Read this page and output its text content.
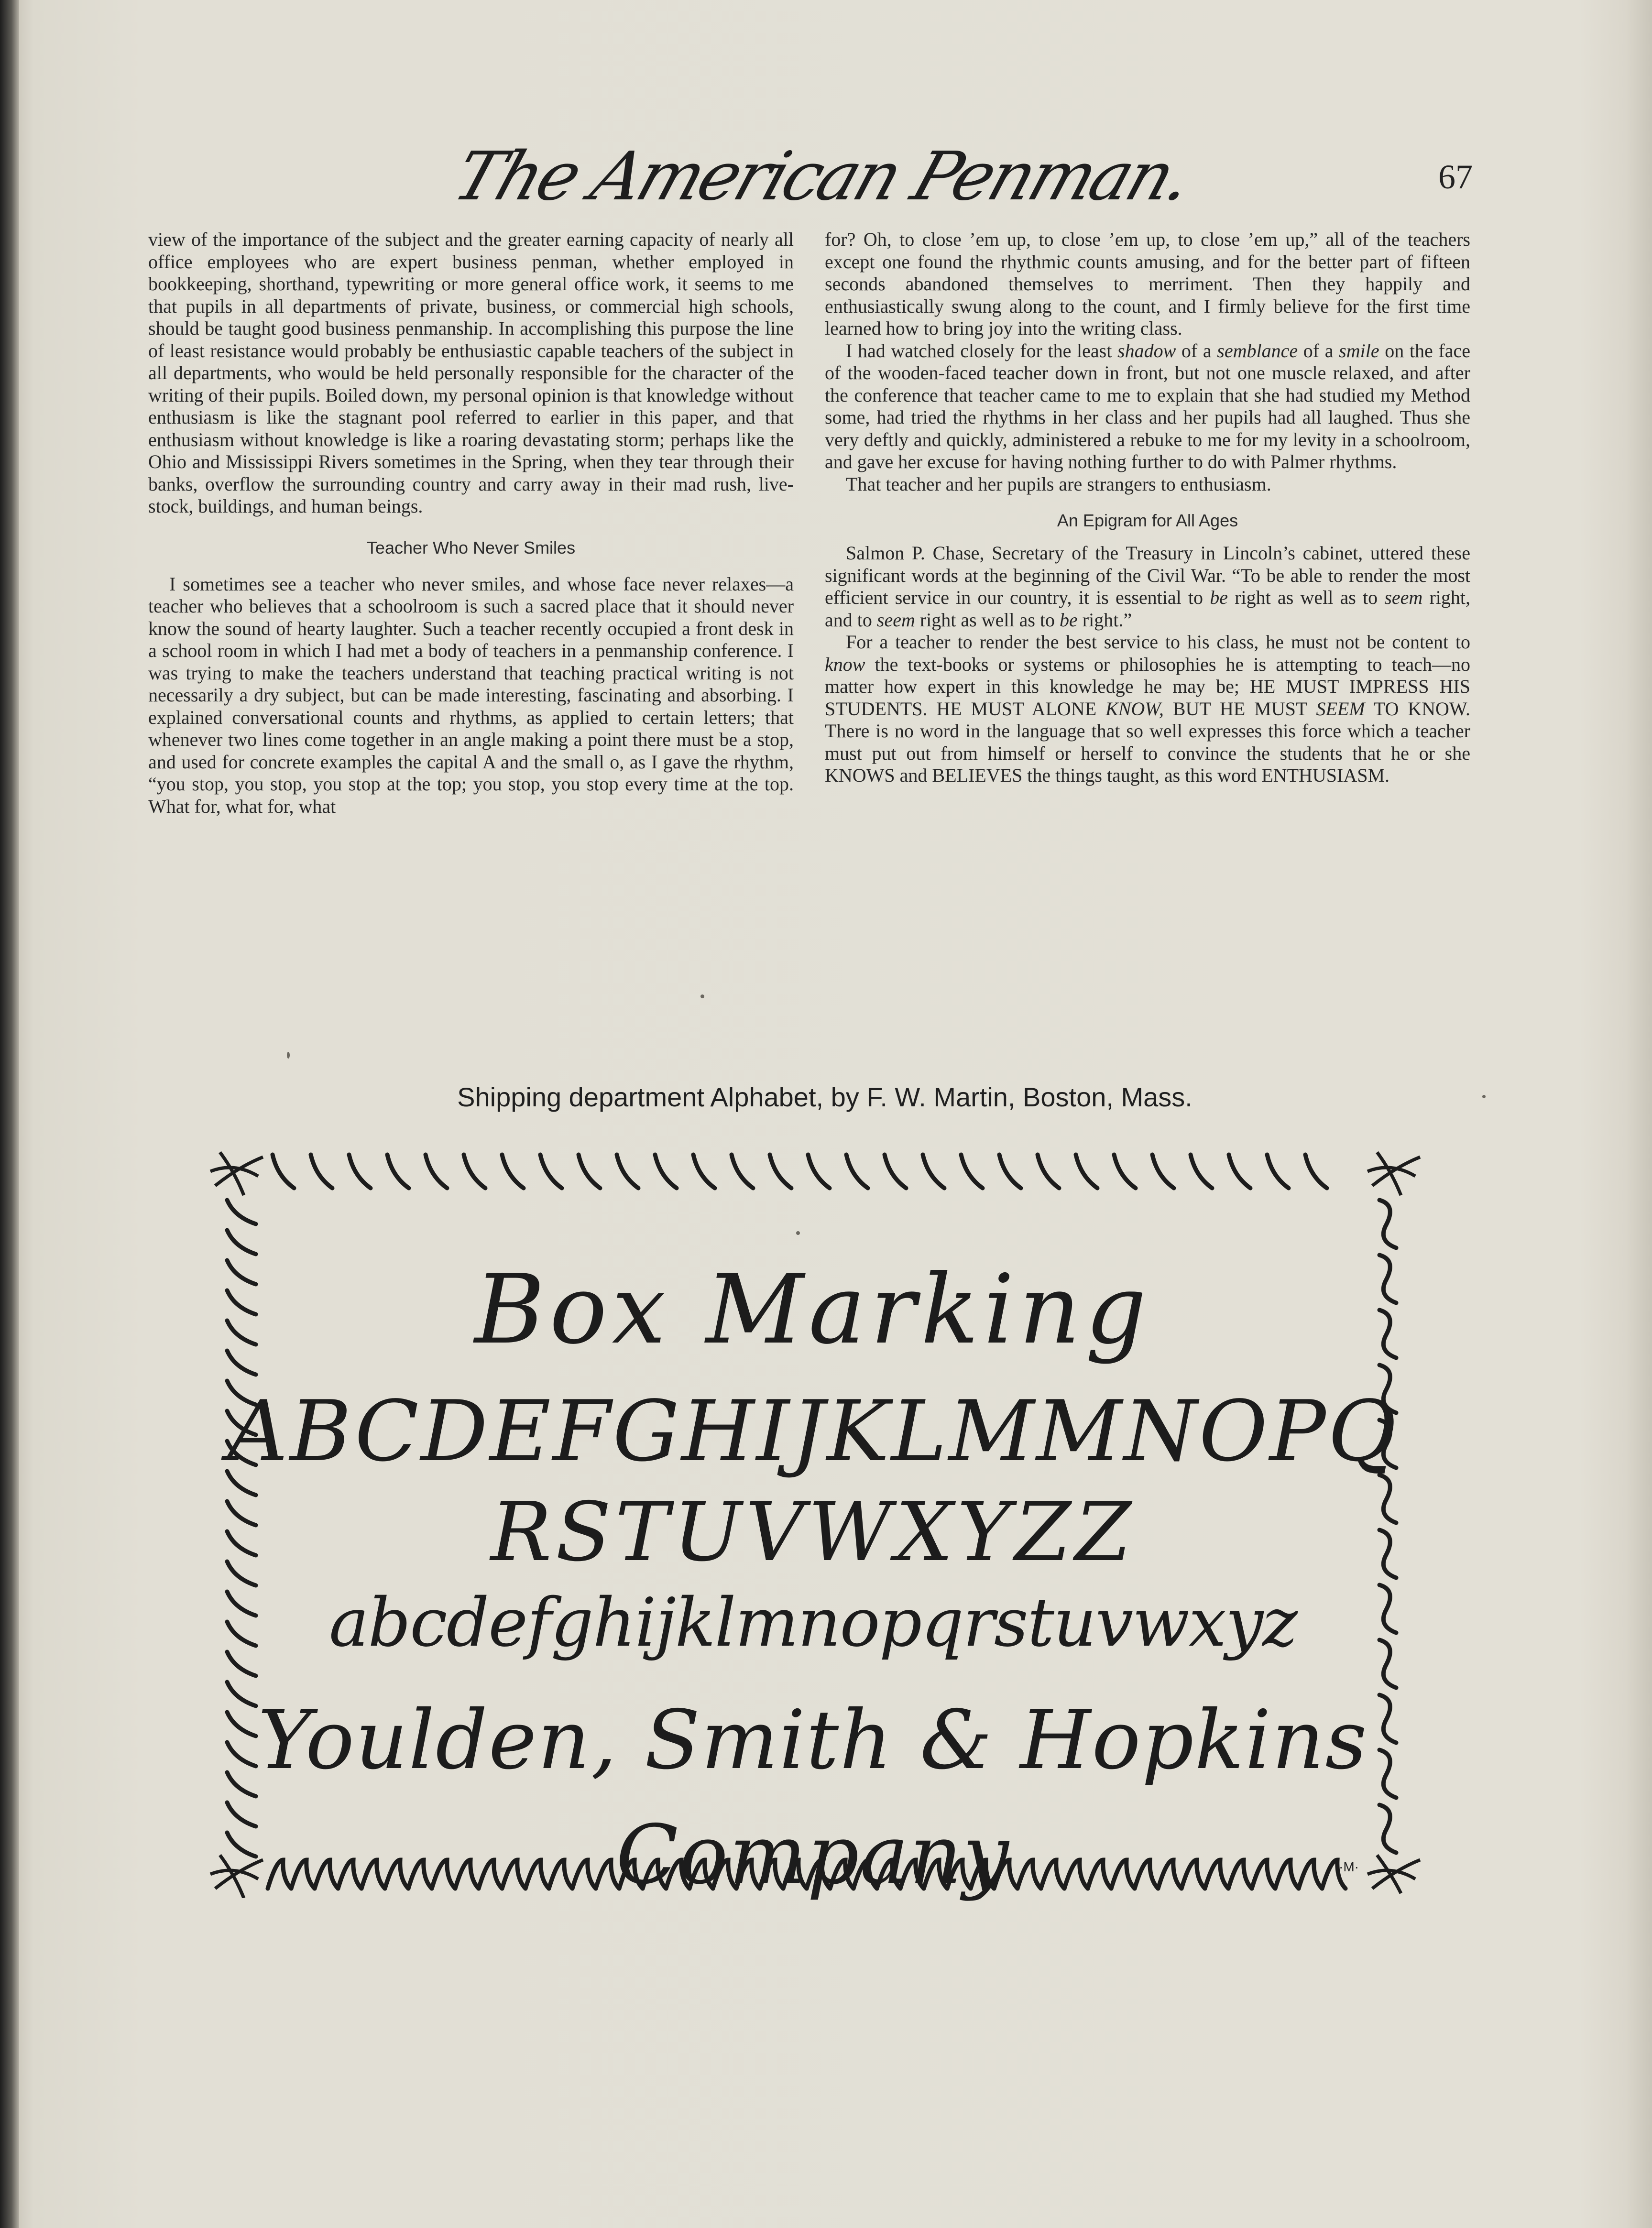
The American Penman.	67

view of the importance of the subject and the greater earning capacity of nearly all office employees who are expert business penman, whether employed in bookkeeping, shorthand, typewriting or more general office work, it seems to me that pupils in all departments of private, business, or commercial high schools, should be taught good business penmanship. In accomplishing this purpose the line of least resistance would probably be enthusiastic capable teachers of the subject in all departments, who would be held personally responsible for the character of the writing of their pupils. Boiled down, my personal opinion is that knowledge without enthusiasm is like the stagnant pool referred to earlier in this paper, and that enthusiasm without knowledge is like a roaring devastating storm; perhaps like the Ohio and Mississippi Rivers sometimes in the Spring, when they tear through their banks, overflow the surrounding country and carry away in their mad rush, live-stock, buildings, and human beings.

Teacher Who Never Smiles

I sometimes see a teacher who never smiles, and whose face never relaxes—a teacher who believes that a schoolroom is such a sacred place that it should never know the sound of hearty laughter. Such a teacher recently occupied a front desk in a school room in which I had met a body of teachers in a penmanship conference. I was trying to make the teachers understand that teaching practical writing is not necessarily a dry subject, but can be made interesting, fascinating and absorbing. I explained conversational counts and rhythms, as applied to certain letters; that whenever two lines come together in an angle making a point there must be a stop, and used for concrete examples the capital A and the small o, as I gave the rhythm, “you stop, you stop, you stop at the top; you stop, you stop every time at the top. What for, what for, what

for? Oh, to close ’em up, to close ’em up, to close ’em up,” all of the teachers except one found the rhythmic counts amusing, and for the better part of fifteen seconds abandoned themselves to merriment. Then they happily and enthusiastically swung along to the count, and I firmly believe for the first time learned how to bring joy into the writing class.

I had watched closely for the least shadow of a semblance of a smile on the face of the wooden-faced teacher down in front, but not one muscle relaxed, and after the conference that teacher came to me to explain that she had studied my Method some, had tried the rhythms in her class and her pupils had all laughed. Thus she very deftly and quickly, administered a rebuke to me for my levity in a schoolroom, and gave her excuse for having nothing further to do with Palmer rhythms.

That teacher and her pupils are strangers to enthusiasm.

An Epigram for All Ages

Salmon P. Chase, Secretary of the Treasury in Lincoln’s cabinet, uttered these significant words at the beginning of the Civil War. “To be able to render the most efficient service in our country, it is essential to be right as well as to seem right, and to seem right as well as to be right.”

For a teacher to render the best service to his class, he must not be content to know the text-books or systems or philosophies he is attempting to teach—no matter how expert in this knowledge he may be; HE MUST IMPRESS HIS STUDENTS. HE MUST ALONE KNOW, BUT HE MUST SEEM TO KNOW. There is no word in the language that so well expresses this force which a teacher must put out from himself or herself to convince the students that he or she KNOWS and BELIEVES the things taught, as this word ENTHUSIASM.

Shipping department Alphabet, by F. W. Martin, Boston, Mass.
Box Marking
ABCDEFGHIJKLMMNOPQ
RSTUVWXYZZ
abcdefghijklmnopqrstuvwxyz
Youlden, Smith & Hopkins Company	·M·
